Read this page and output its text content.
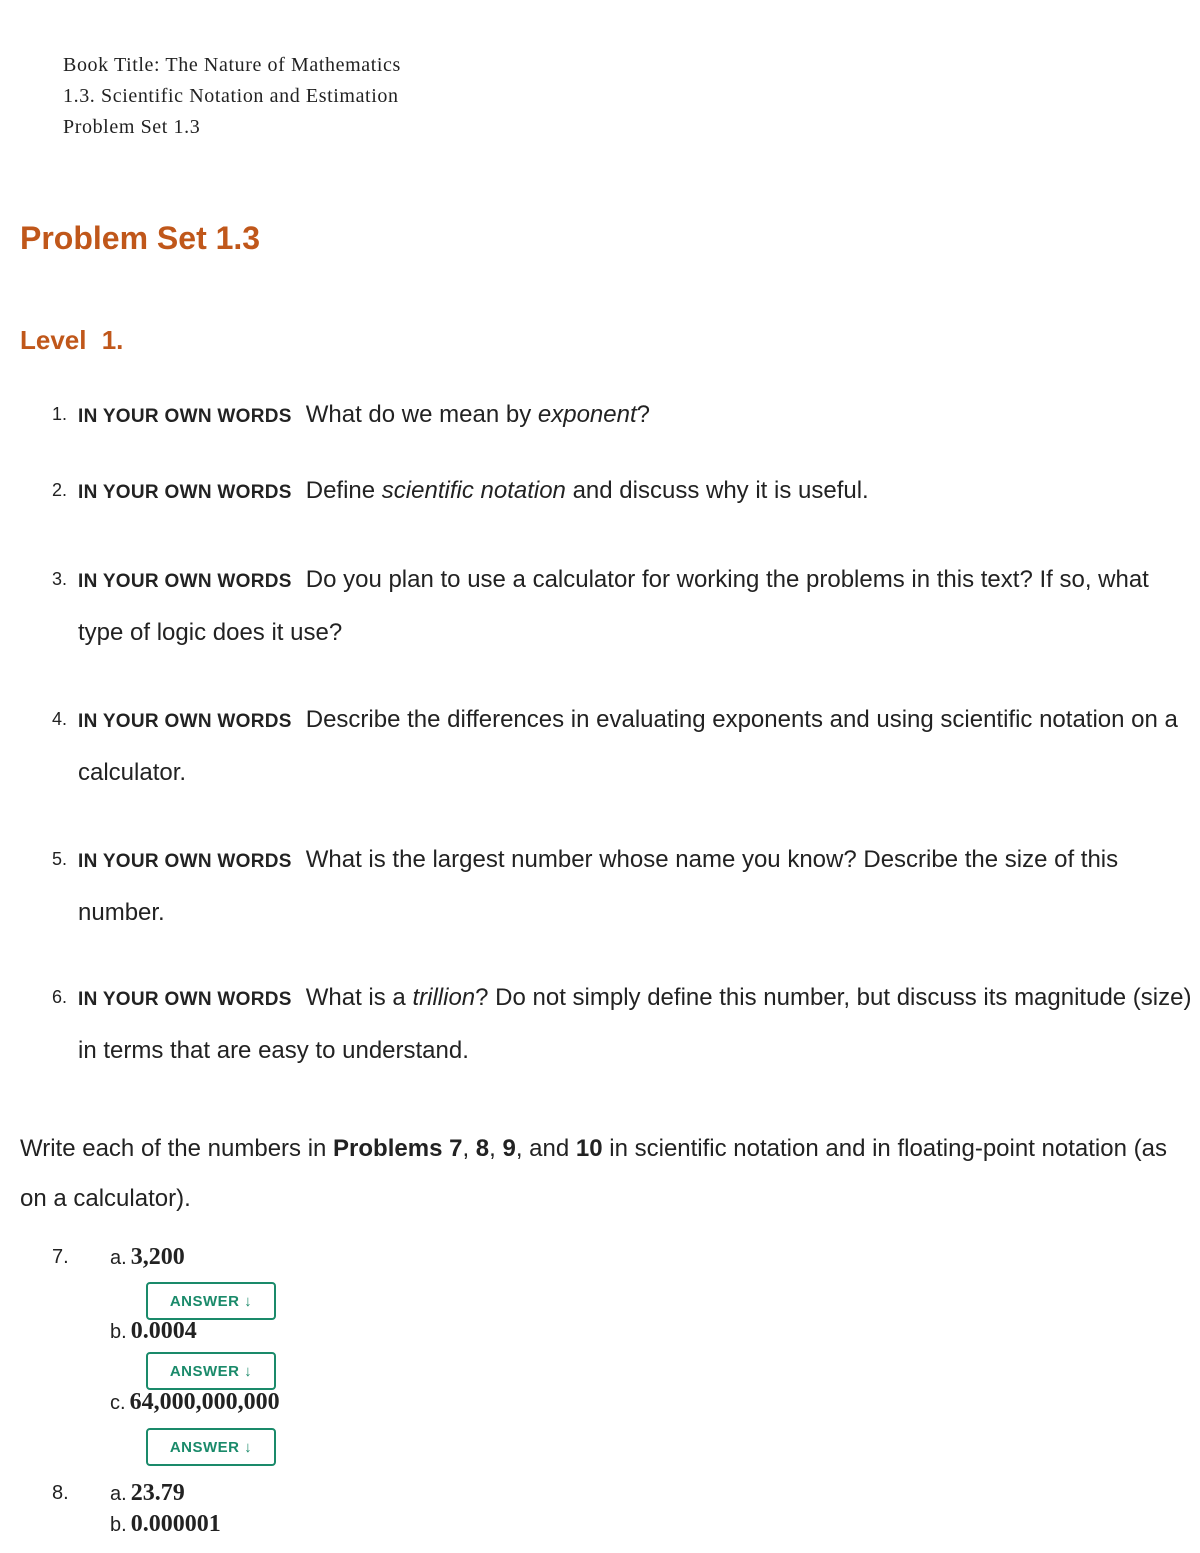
Book Title: The Nature of Mathematics
1.3. Scientific Notation and Estimation
Problem Set 1.3
Problem Set 1.3
Level 1.
1. IN YOUR OWN WORDS What do we mean by exponent?
2. IN YOUR OWN WORDS Define scientific notation and discuss why it is useful.
3. IN YOUR OWN WORDS Do you plan to use a calculator for working the problems in this text? If so, what type of logic does it use?
4. IN YOUR OWN WORDS Describe the differences in evaluating exponents and using scientific notation on a calculator.
5. IN YOUR OWN WORDS What is the largest number whose name you know? Describe the size of this number.
6. IN YOUR OWN WORDS What is a trillion? Do not simply define this number, but discuss its magnitude (size) in terms that are easy to understand.
Write each of the numbers in Problems 7, 8, 9, and 10 in scientific notation and in floating-point notation (as on a calculator).
7. a. 3,200
ANSWER ↓
b. 0.0004
ANSWER ↓
c. 64,000,000,000
ANSWER ↓
8. a. 23.79
b. 0.000001
